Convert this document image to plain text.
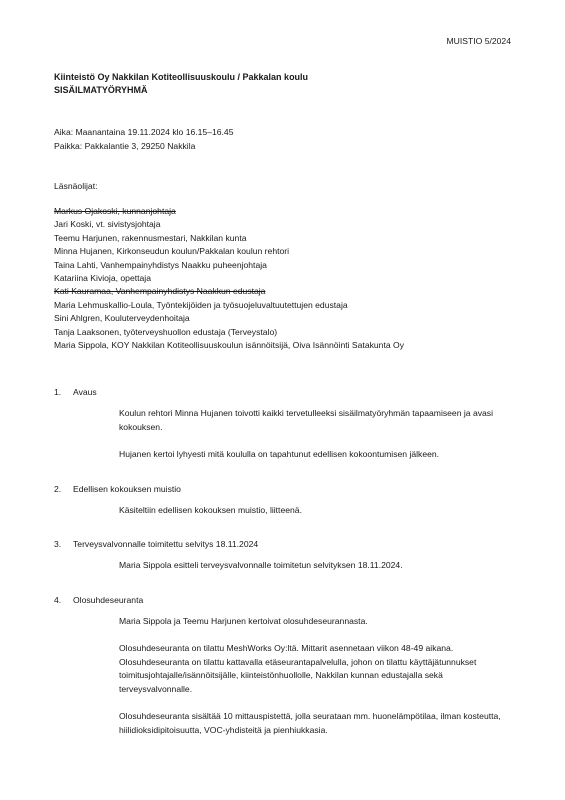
MUISTIO 5/2024
Kiinteistö Oy Nakkilan Kotiteollisuuskoulu / Pakkalan koulu
SISÄILMATYÖRYHMÄ
Aika: Maanantaina 19.11.2024 klo 16.15–16.45
Paikka: Pakkalantie 3, 29250 Nakkila
Läsnäolijat:
Markus Ojakoski, kunnanjohtaja
Jari Koski, vt. sivistysjohtaja
Teemu Harjunen, rakennusmestari, Nakkilan kunta
Minna Hujanen, Kirkonseudun koulun/Pakkalan koulun rehtori
Taina Lahti, Vanhempainyhdistys Naakku puheenjohtaja
Katariina Kivioja, opettaja
Kati Kauramaa, Vanhempainyhdistys Naakkun edustaja
Maria Lehmuskallio-Loula, Työntekijöiden ja työsuojeluvaltuutettujen edustaja
Sini Ahlgren, Kouluterveydenhoitaja
Tanja Laaksonen, työterveyshuollon edustaja (Terveystalo)
Maria Sippola, KOY Nakkilan Kotiteollisuuskoulun isännöitsijä, Oiva Isännöinti Satakunta Oy
1.	Avaus
Koulun rehtori Minna Hujanen toivotti kaikki tervetulleeksi sisäilmatyöryhmän tapaamiseen ja avasi kokouksen.
Hujanen kertoi lyhyesti mitä koululla on tapahtunut edellisen kokoontumisen jälkeen.
2.	Edellisen kokouksen muistio
Käsiteltiin edellisen kokouksen muistio, liitteenä.
3.	Terveysvalvonnalle toimitettu selvitys 18.11.2024
Maria Sippola esitteli terveysvalvonnalle toimitetun selvityksen 18.11.2024.
4.	Olosuhdeseuranta
Maria Sippola ja Teemu Harjunen kertoivat olosuhdeseurannasta.
Olosuhdeseuranta on tilattu MeshWorks Oy:ltä. Mittarit asennetaan viikon 48-49 aikana. Olosuhdeseuranta on tilattu kattavalla etäseurantapalvelulla, johon on tilattu käyttäjätunnukset toimitusjohtajalle/isännöitsijälle, kiinteistönhuollolle, Nakkilan kunnan edustajalla sekä terveysvalvonnalle.
Olosuhdeseuranta sisältää 10 mittauspistettä, jolla seurataan mm. huonelämpötilaa, ilman kosteutta, hiilidioksidipitoisuutta, VOC-yhdisteitä ja pienhiukkasia.
